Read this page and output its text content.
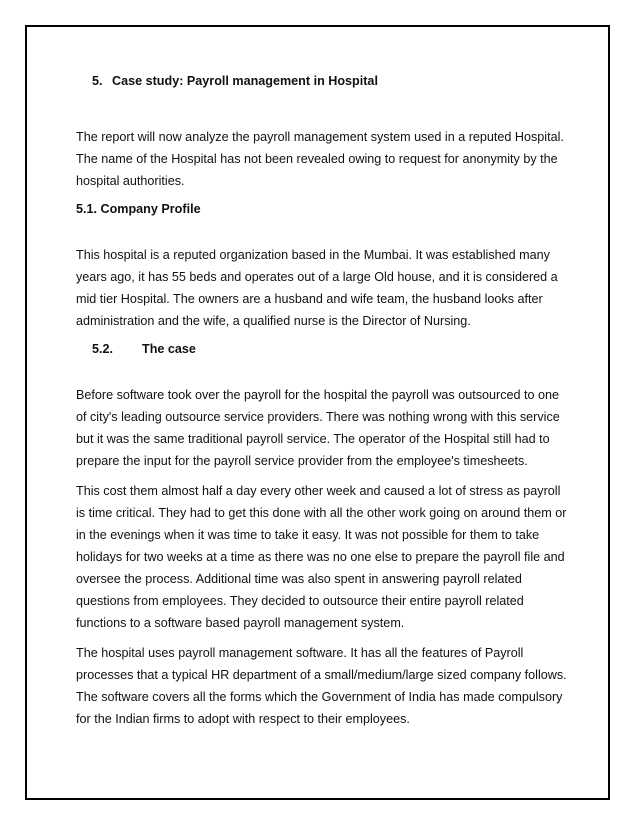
5. Case study: Payroll management in Hospital

The report will now analyze the payroll management system used in a reputed Hospital.

The name of the Hospital has not been revealed owing to request for anonymity by the

hospital authorities.

5.1. Company Profile

This hospital is a reputed organization based in the Mumbai. It was established many

years ago, it has 55 beds and operates out of a large Old house, and it is considered a

mid tier Hospital. The owners are a husband and wife team, the husband looks after

administration and the wife, a qualified nurse is the Director of Nursing.

5.2. The case

Before software took over the payroll for the hospital the payroll was outsourced to one

of city's leading outsource service providers. There was nothing wrong with this service

but it was the same traditional payroll service. The operator of the Hospital still had to

prepare the input for the payroll service provider from the employee's timesheets.

This cost them almost half a day every other week and caused a lot of stress as payroll

is time critical. They had to get this done with all the other work going on around them or

in the evenings when it was time to take it easy. It was not possible for them to take

holidays for two weeks at a time as there was no one else to prepare the payroll file and

oversee the process. Additional time was also spent in answering payroll related

questions from employees. They decided to outsource their entire payroll related

functions to a software based payroll management system.

The hospital uses payroll management software. It has all the features of Payroll

processes that a typical HR department of a small/medium/large sized company follows.

The software covers all the forms which the Government of India has made compulsory

for the Indian firms to adopt with respect to their employees.
